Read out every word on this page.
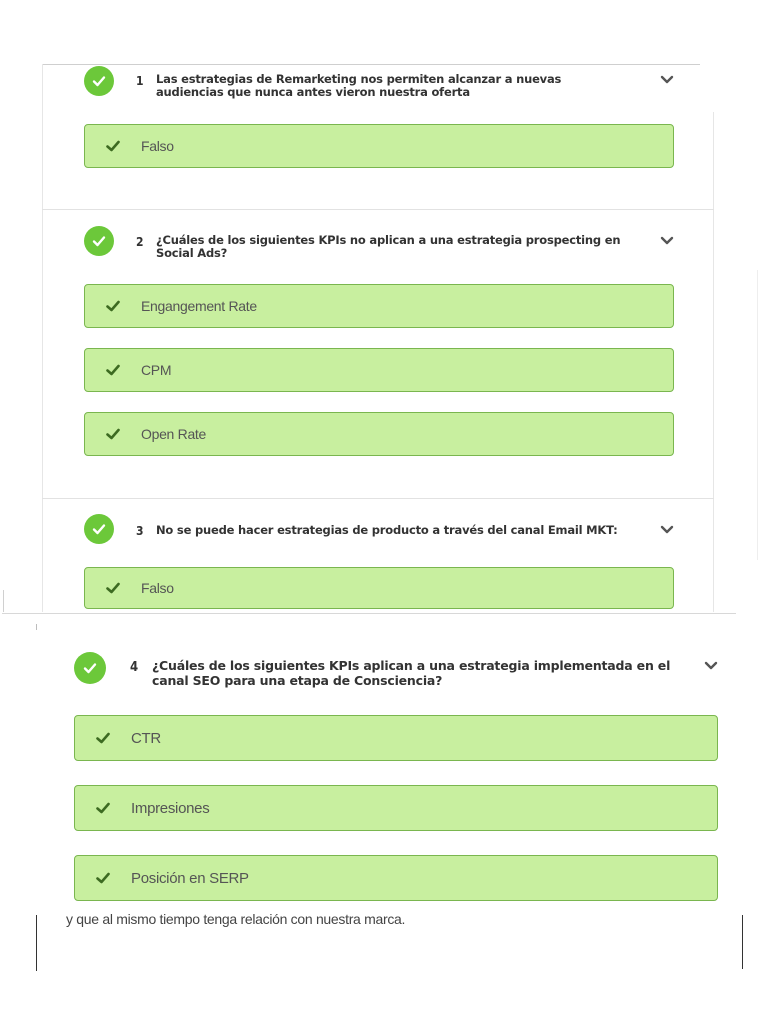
1 Las estrategias de Remarketing nos permiten alcanzar a nuevas audiencias que nunca antes vieron nuestra oferta
Falso
2 ¿Cuáles de los siguientes KPIs no aplican a una estrategia prospecting en Social Ads?
Engangement Rate
CPM
Open Rate
3 No se puede hacer estrategias de producto a través del canal Email MKT:
Falso
4 ¿Cuáles de los siguientes KPIs aplican a una estrategia implementada en el canal SEO para una etapa de Consciencia?
CTR
Impresiones
Posición en SERP
y que al mismo tiempo tenga relación con nuestra marca.
